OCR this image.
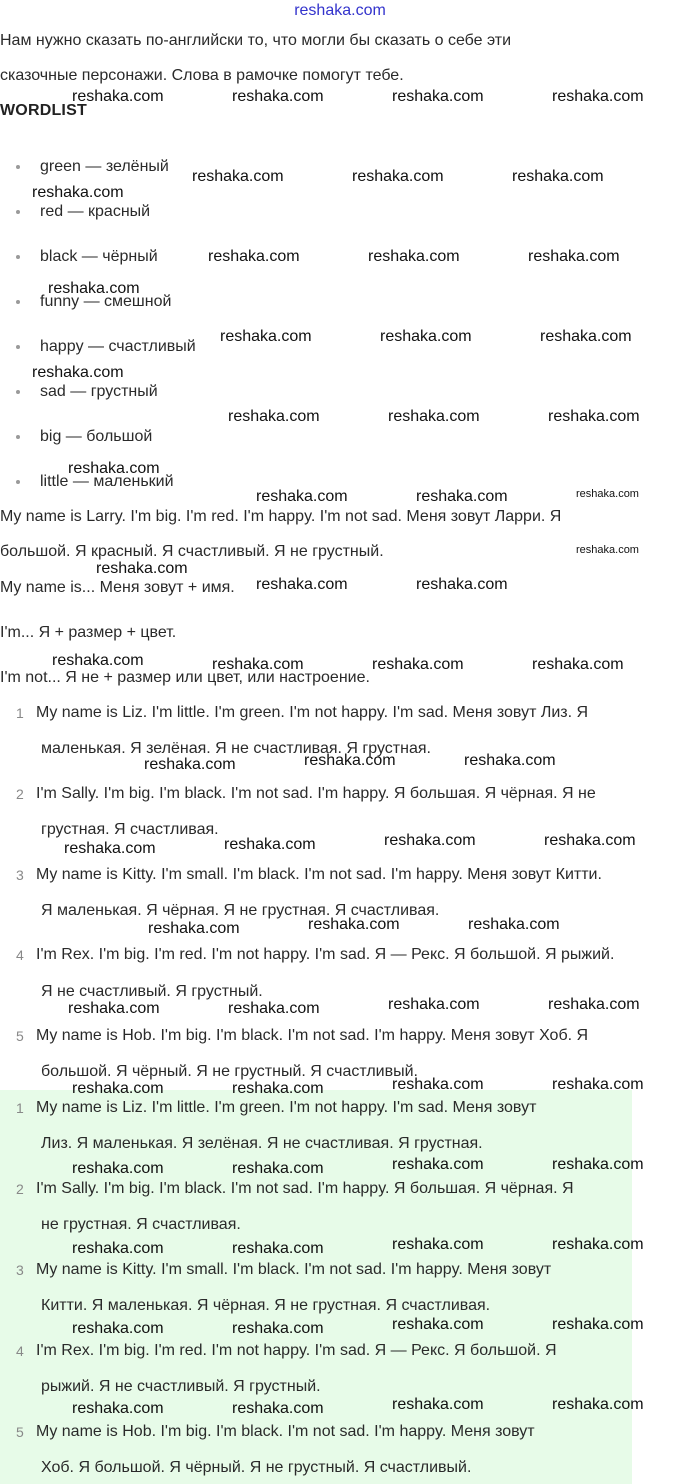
reshaka.com
Нам нужно сказать по-английски то, что могли бы сказать о себе эти
сказочные персонажи. Слова в рамочке помогут тебе.
WORDLIST
green — зелёный
red — красный
black — чёрный
funny — смешной
happy — счастливый
sad — грустный
big — большой
little — маленький
My name is Larry. I'm big. I'm red. I'm happy. I'm not sad. Меня зовут Ларри. Я
большой. Я красный. Я счастливый. Я не грустный.
My name is... Меня зовут + имя.
I'm... Я + размер + цвет.
I'm not... Я не + размер или цвет, или настроение.
1 My name is Liz. I'm little. I'm green. I'm not happy. I'm sad. Меня зовут Лиз. Я
маленькая. Я зелёная. Я не счастливая. Я грустная.
2 I'm Sally. I'm big. I'm black. I'm not sad. I'm happy. Я большая. Я чёрная. Я не
грустная. Я счастливая.
3 My name is Kitty. I'm small. I'm black. I'm not sad. I'm happy. Меня зовут Китти.
Я маленькая. Я чёрная. Я не грустная. Я счастливая.
4 I'm Rex. I'm big. I'm red. I'm not happy. I'm sad. Я — Рекс. Я большой. Я рыжий.
Я не счастливый. Я грустный.
5 My name is Hob. I'm big. I'm black. I'm not sad. I'm happy. Меня зовут Хоб. Я
большой. Я чёрный. Я не грустный. Я счастливый.
1 My name is Liz. I'm little. I'm green. I'm not happy. I'm sad. Меня зовут
Лиз. Я маленькая. Я зелёная. Я не счастливая. Я грустная.
2 I'm Sally. I'm big. I'm black. I'm not sad. I'm happy. Я большая. Я чёрная. Я
не грустная. Я счастливая.
3 My name is Kitty. I'm small. I'm black. I'm not sad. I'm happy. Меня зовут
Китти. Я маленькая. Я чёрная. Я не грустная. Я счастливая.
4 I'm Rex. I'm big. I'm red. I'm not happy. I'm sad. Я — Рекс. Я большой. Я
рыжий. Я не счастливый. Я грустный.
5 My name is Hob. I'm big. I'm black. I'm not sad. I'm happy. Меня зовут
Хоб. Я большой. Я чёрный. Я не грустный. Я счастливый.
reshaka.com	reshaka.com	reshaka.com	reshaka.com
reshaka.com
reshaka.com	reshaka.com	reshaka.com
reshaka.com	reshaka.com	reshaka.com
reshaka.com
reshaka.com	reshaka.com	reshaka.com
reshaka.com
reshaka.com	reshaka.com	reshaka.com
reshaka.com
reshaka.com	reshaka.com	reshaka.com
reshaka.com
reshaka.com
reshaka.com	reshaka.com
reshaka.com	reshaka.com	reshaka.com	reshaka.com
reshaka.com	reshaka.com	reshaka.com
reshaka.com	reshaka.com	reshaka.com	reshaka.com
reshaka.com	reshaka.com	reshaka.com
reshaka.com	reshaka.com	reshaka.com	reshaka.com
reshaka.com	reshaka.com	reshaka.com	reshaka.com
reshaka.com	reshaka.com	reshaka.com	reshaka.com
reshaka.com	reshaka.com	reshaka.com	reshaka.com
reshaka.com	reshaka.com	reshaka.com	reshaka.com
reshaka.com	reshaka.com	reshaka.com	reshaka.com
